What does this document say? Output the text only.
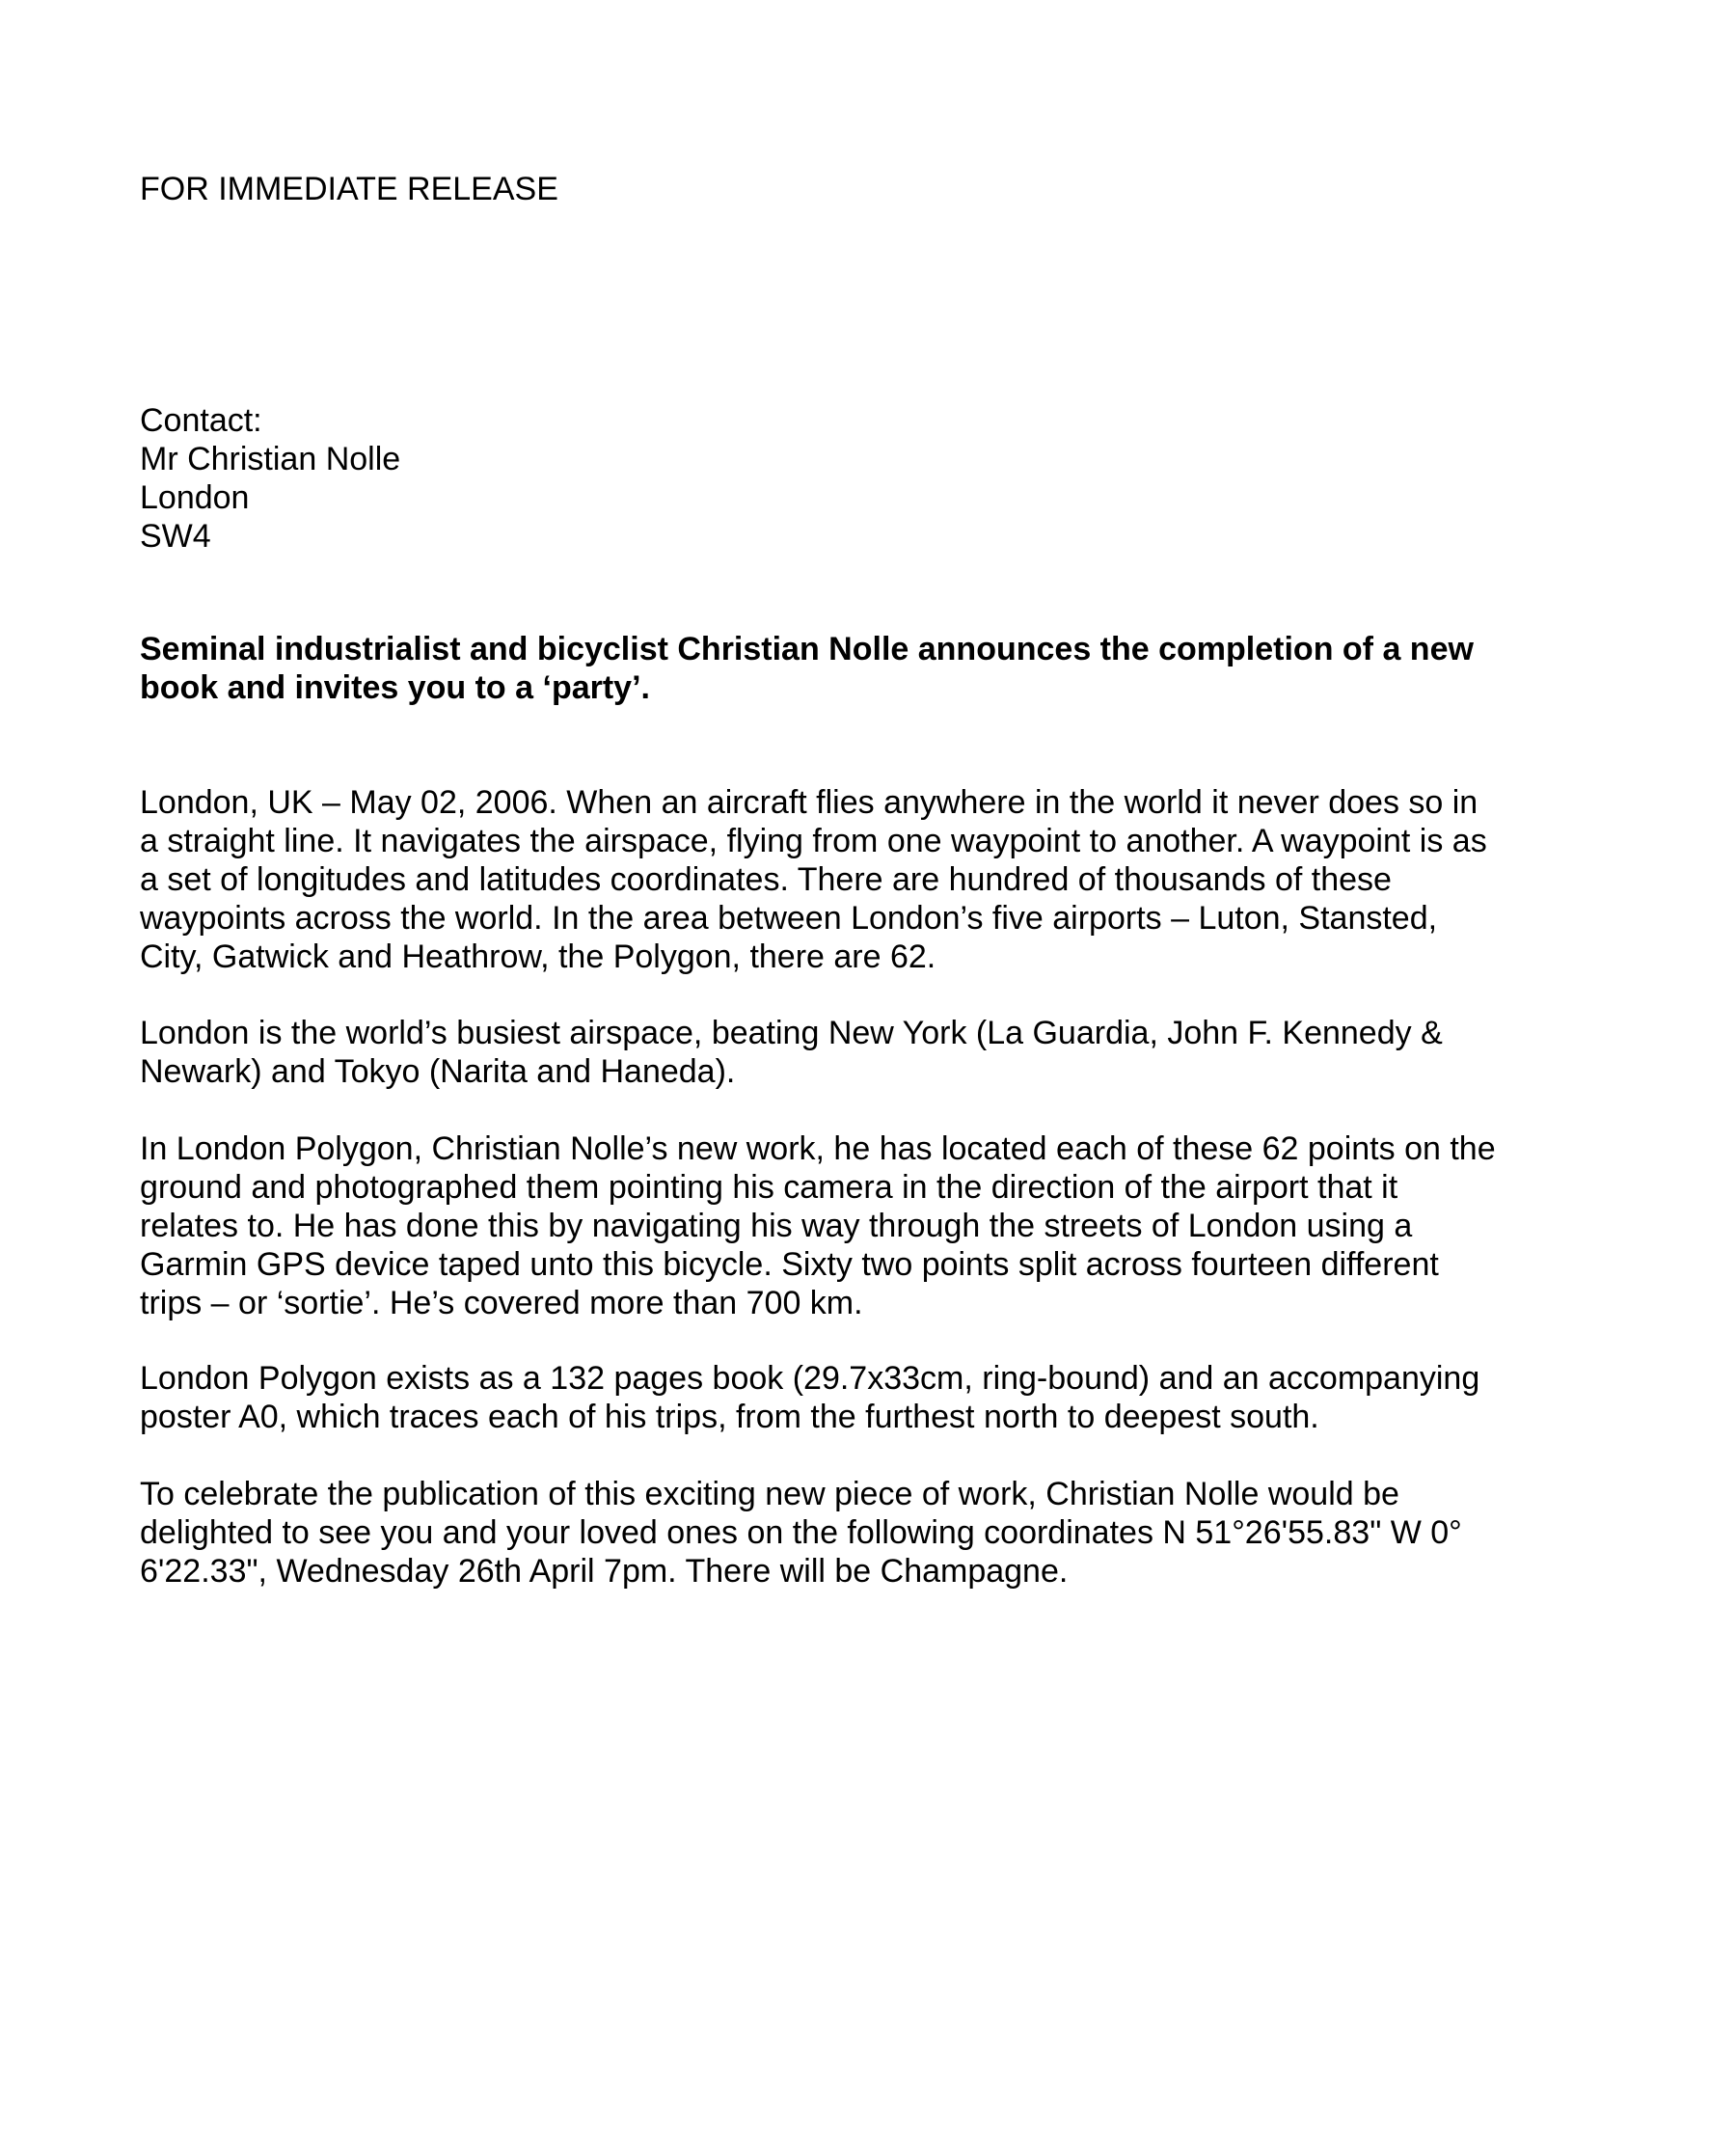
FOR IMMEDIATE RELEASE
Contact:
Mr Christian Nolle
London
SW4
Seminal industrialist and bicyclist Christian Nolle announces the completion of a new
book and invites you to a ‘party’.
London, UK – May 02, 2006. When an aircraft flies anywhere in the world it never does so in
a straight line. It navigates the airspace, flying from one waypoint to another. A waypoint is as
a set of longitudes and latitudes coordinates. There are hundred of thousands of these
waypoints across the world. In the area between London’s five airports – Luton, Stansted,
City, Gatwick and Heathrow, the Polygon, there are 62.
London is the world’s busiest airspace, beating New York (La Guardia, John F. Kennedy &
Newark) and Tokyo (Narita and Haneda).
In London Polygon, Christian Nolle’s new work, he has located each of these 62 points on the
ground and photographed them pointing his camera in the direction of the airport that it
relates to. He has done this by navigating his way through the streets of London using a
Garmin GPS device taped unto this bicycle. Sixty two points split across fourteen different
trips – or ‘sortie’. He’s covered more than 700 km.
London Polygon exists as a 132 pages book (29.7x33cm, ring-bound) and an accompanying
poster A0, which traces each of his trips, from the furthest north to deepest south.
To celebrate the publication of this exciting new piece of work, Christian Nolle would be
delighted to see you and your loved ones on the following coordinates N 51°26'55.83" W 0°
6'22.33", Wednesday 26th April 7pm. There will be Champagne.
